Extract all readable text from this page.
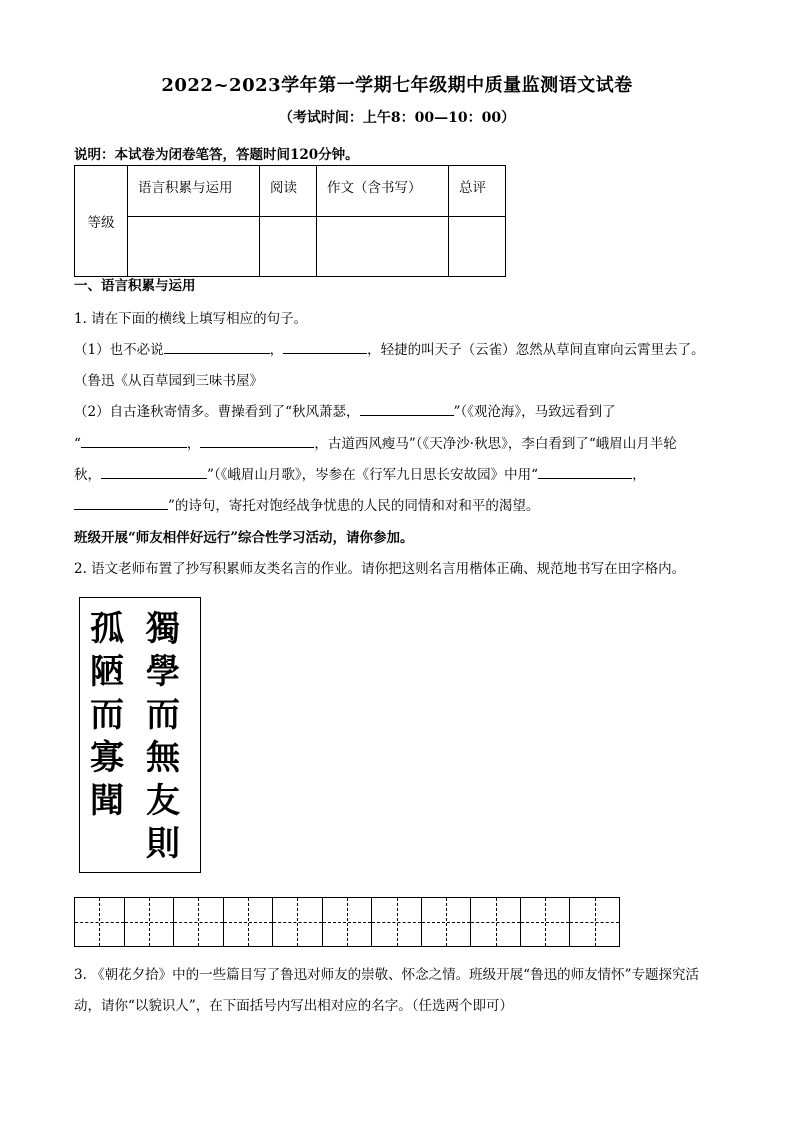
2022~2023学年第一学期七年级期中质量监测语文试卷
（考试时间：上午8：00—10：00）
说明：本试卷为闭卷笔答，答题时间120分钟。
等级	语言积累与运用	阅读	作文（含书写）	总评

一、语言积累与运用
1. 请在下面的横线上填写相应的句子。
（1）也不必说	，	，轻捷的叫天子（云雀）忽然从草间直窜向云霄里去了。
（鲁迅《从百草园到三味书屋》
（2）自古逢秋寄情多。曹操看到了“秋风萧瑟，	”（《观沧海》，马致远看到了
“	，	，古道西风瘦马”（《天净沙·秋思》，李白看到了“峨眉山月半轮
秋，	”（《峨眉山月歌》，岑参在《行军九日思长安故园》中用“	，
”的诗句，寄托对饱经战争忧患的人民的同情和对和平的渴望。
班级开展“师友相伴好远行”综合性学习活动，请你参加。
2. 语文老师布置了抄写积累师友类名言的作业。请你把这则名言用楷体正确、规范地书写在田字格内。
獨
學
而
無
友
則
孤
陋
而
寡
聞
3. 《朝花夕拾》中的一些篇目写了鲁迅对师友的崇敬、怀念之情。班级开展“鲁迅的师友情怀”专题探究活
动，请你“以貌识人”，在下面括号内写出相对应的名字。（任选两个即可）
